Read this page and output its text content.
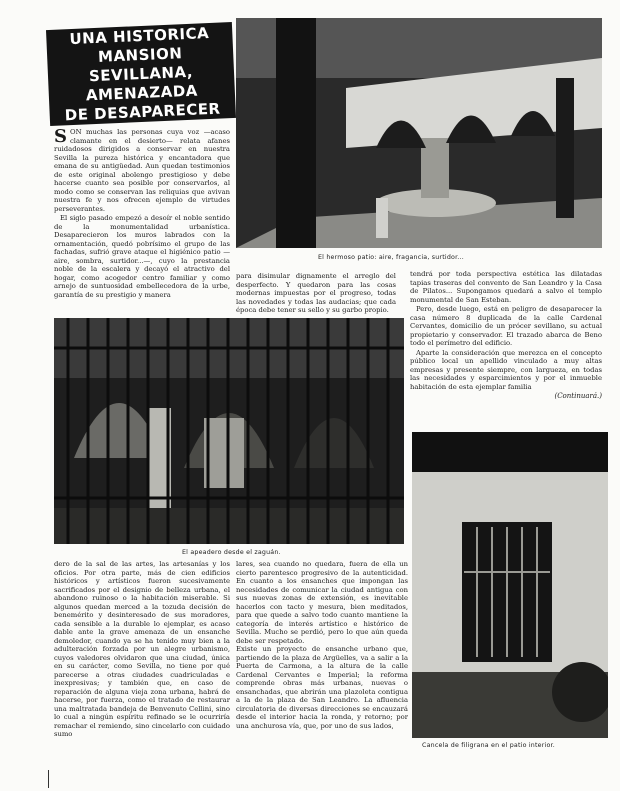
UNA HISTORICA MANSION
SEVILLANA, AMENAZADA
DE DESAPARECER

SON muchas las personas cuya voz —acaso clamante en el desierto— relata afanes ruidadosos dirigidos a conservar en nuestra Sevilla la pureza histórica y encantadora que emana de su antigüedad. Aun quedan testimonios de este original abolengo prestigioso y debe hacerse cuanto sea posible por conservarlos, al modo como se conservan las reliquias que avivan nuestra fe y nos ofrecen ejemplo de virtudes perseverantes.

El siglo pasado empezó a desoír el noble sentido de la monumentalidad urbanística. Desaparecieron los muros labrados con la ornamentación, quedó pobrísimo el grupo de las fachadas, sufrió grave ataque el higiénico patio —aire, sombra, surtidor...—, cuyo la prestancia noble de la escalera y decayó el atractivo del hogar, como acogedor centro familiar y como arnejo de suntuosidad embellecedora de la urbe, garantía de su prestigio y manera

El hermoso patio: aire, fragancia, surtidor...
para disimular dignamente el arreglo del desperfecto. Y quedaron para las cosas modernas impuestas por el progreso, todas las novedades y todas las audacias; que cada época debe tener su sello y su garbo propio.

tendrá por toda perspectiva estética las dilatadas tapias traseras del convento de San Leandro y la Casa de Pilatos... Supongamos quedará a salvo el templo monumental de San Esteban.

Pero, desde luego, está en peligro de desaparecer la casa número 8 duplicada de la calle Cardenal Cervantes, domicilio de un prócer sevillano, su actual propietario y conservador. El trazado abarca de Beno todo el perímetro del edificio.

Aparte la consideración que merezca en el concepto público local un apellido vinculado a muy altas empresas y presente siempre, con largueza, en todas las necesidades y esparcimientos y por el inmueble habitación de esta ejemplar familia

(Continuará.)
El apeadero desde el zaguán.
Cancela de filigrana en el patio interior.
dero de la sal de las artes, las artesanías y los oficios. Por otra parte, más de cien edificios históricos y artísticos fueron sucesivamente sacrificados por el designio de belleza urbana, el abandono ruinoso o la habitación miserable. Si algunos quedan merced a la tozuda decisión de benemérito y desinteresado de sus moradores, cada sensible a la durable lo ejemplar, es acaso dable ante la grave amenaza de un ensanche demoledor, cuando ya se ha tenido muy bien a la adulteración forzada por un alegre urbanismo, cuyos valedores olvidaron que una ciudad, única en su carácter, como Sevilla, no tiene por qué parecerse a otras ciudades cuadriculadas e inexpresivas; y también que, en caso de reparación de alguna vieja zona urbana, habrá de hacerse, por fuerza, como el tratado de restaurar una maltratada bandeja de Benvenuto Cellini, sino lo cual a ningún espíritu refinado se le ocurriría remachar el remiendo, sino cincelarlo con cuidado sumo
lares, sea cuando no quedara, fuera de ella un cierto parentesco progresivo de la autenticidad. En cuanto a los ensanches que impongan las necesidades de comunicar la ciudad antigua con sus nuevas zonas de extensión, es inevitable hacerlos con tacto y mesura, bien meditados, para que quede a salvo todo cuanto mantiene la categoría de interés artístico e histórico de Sevilla. Mucho se perdió, pero lo que aún queda debe ser respetado.
Existe un proyecto de ensanche urbano que, partiendo de la plaza de Argüelles, va a salir a la Puerta de Carmona, a la altura de la calle Cardenal Cervantes e Imperial; la reforma comprende obras más urbanas, nuevas o ensanchadas, que abrirán una plazoleta contigua a la de la plaza de San Leandro. La afluencia circulatoria de diversas direcciones se encauzará desde el interior hacia la ronda, y retorno; por una anchurosa vía, que, por uno de sus lados,
